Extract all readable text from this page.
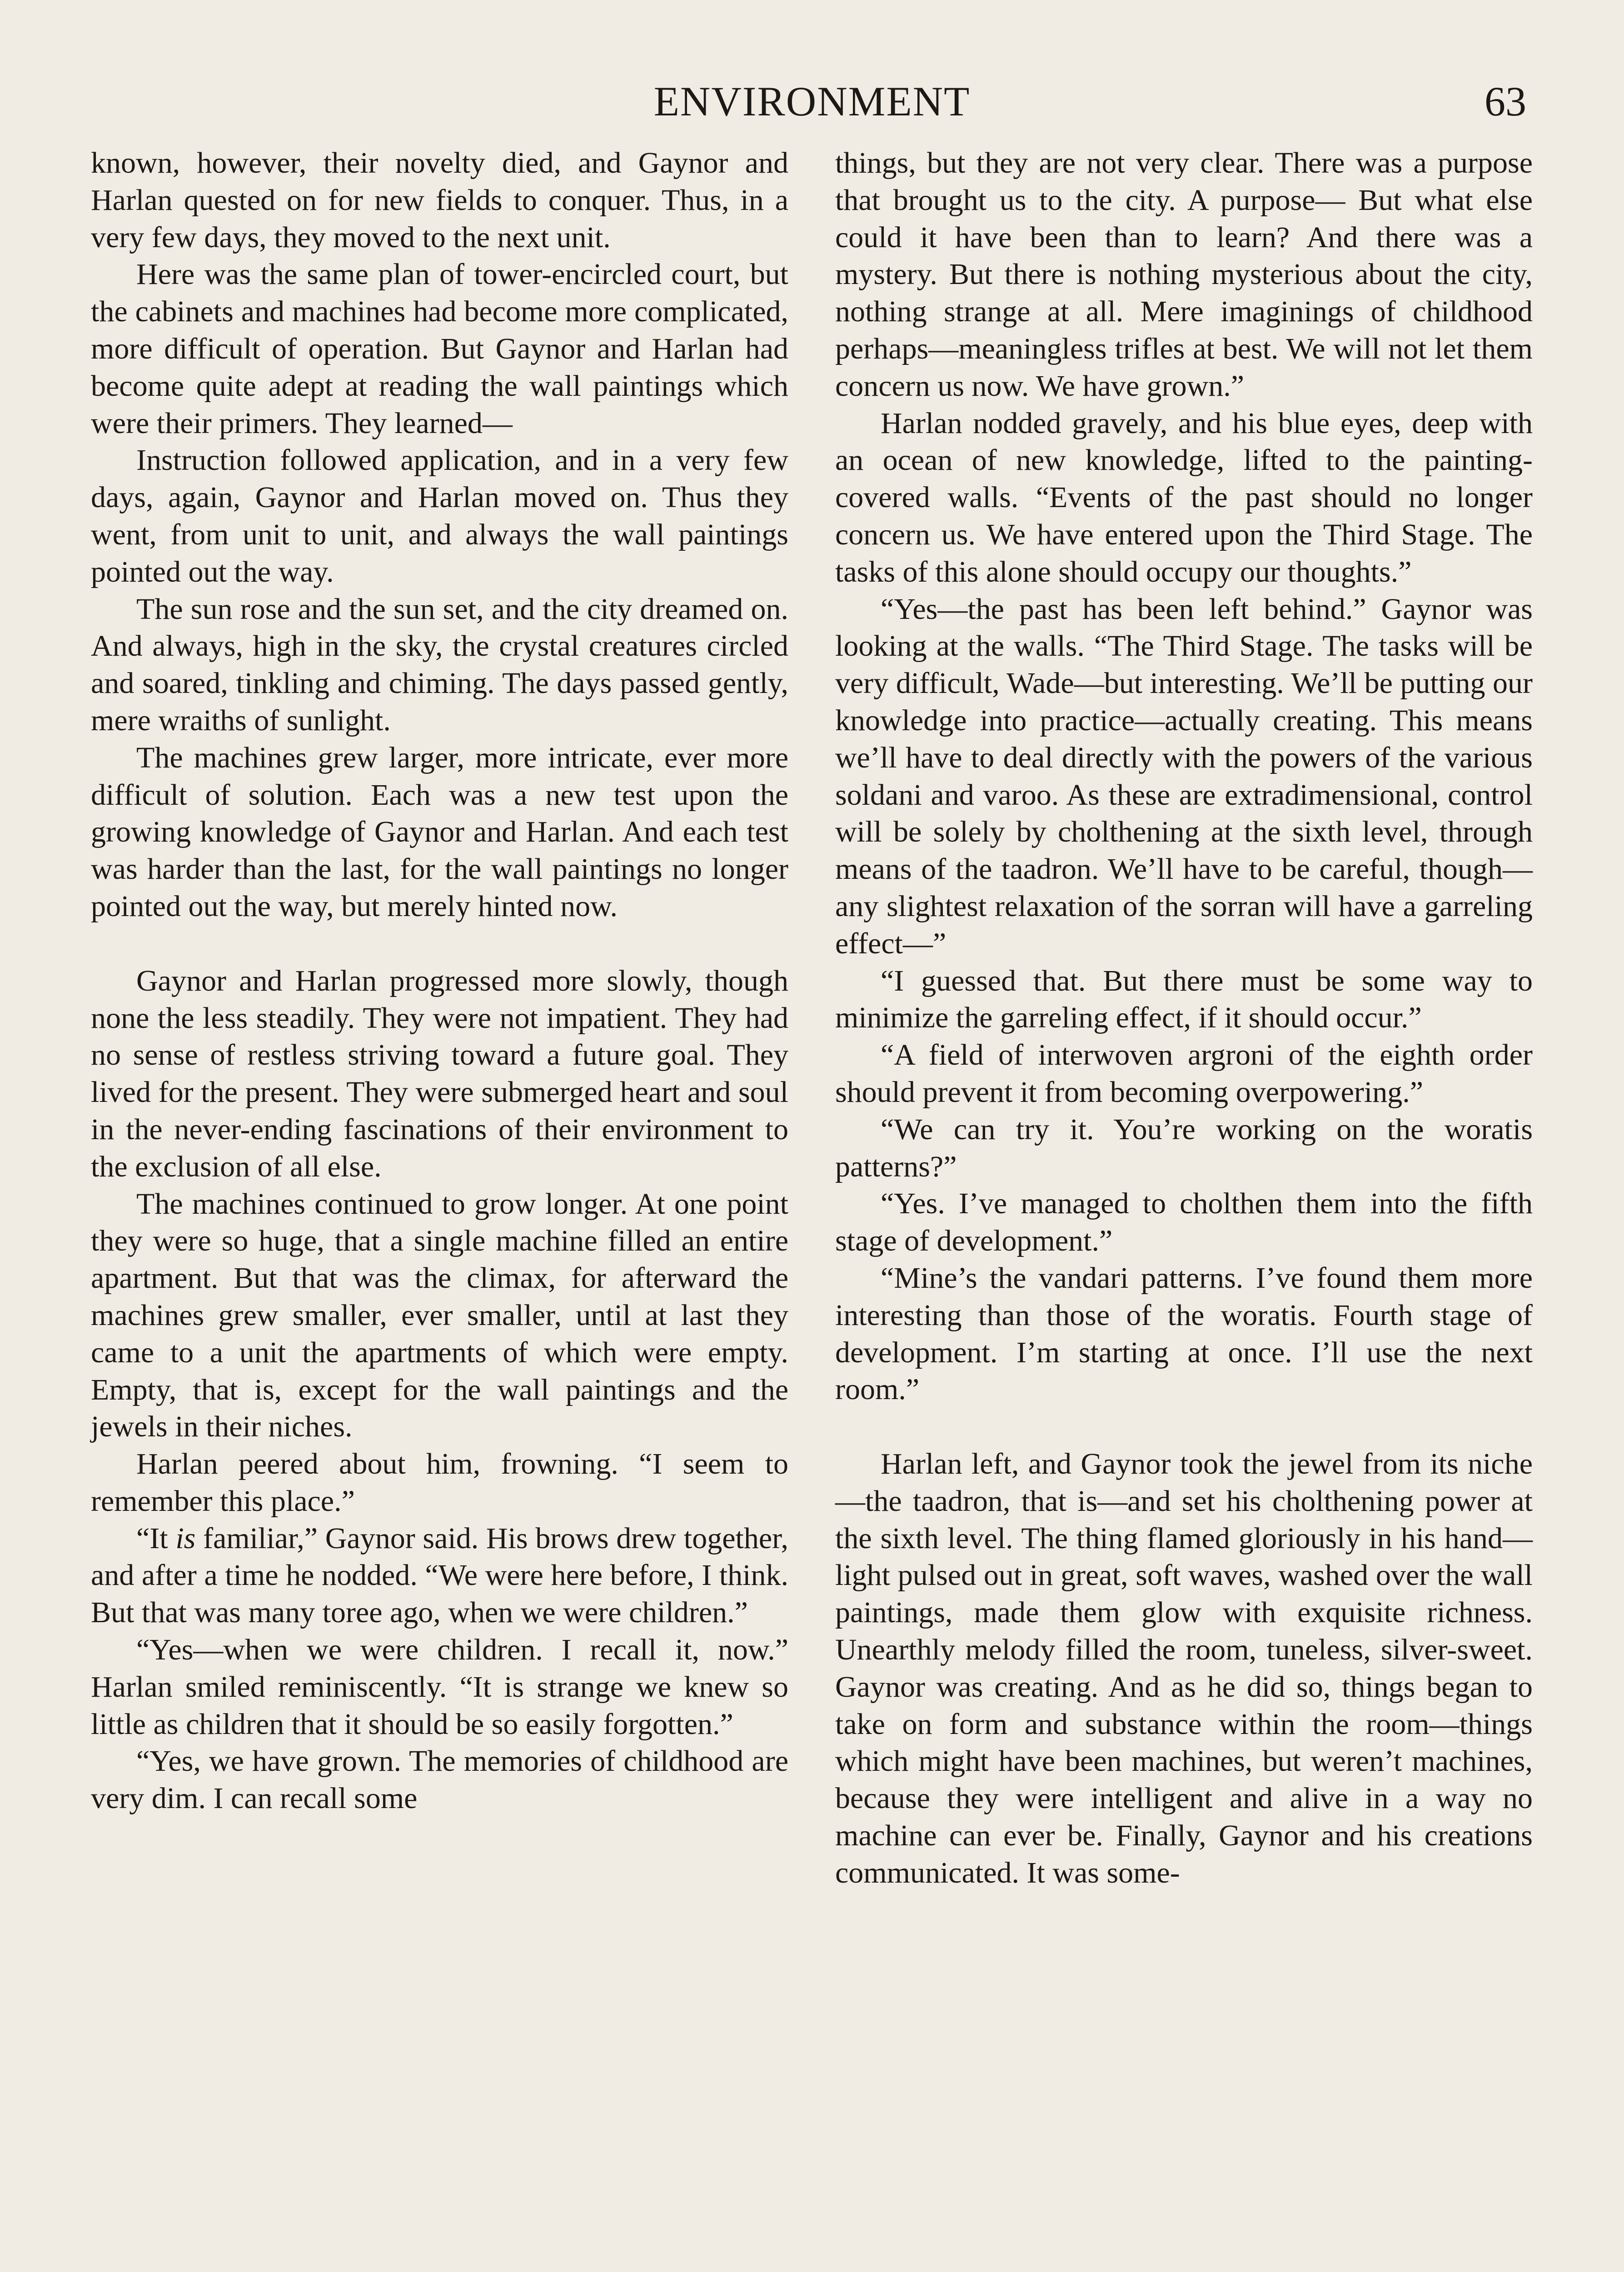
ENVIRONMENT	63

known, however, their novelty died, and Gaynor and Harlan quested on for new fields to conquer. Thus, in a very few days, they moved to the next unit.

Here was the same plan of tower-encircled court, but the cabinets and machines had become more complicated, more difficult of operation. But Gaynor and Harlan had become quite adept at reading the wall paintings which were their primers. They learned—

Instruction followed application, and in a very few days, again, Gaynor and Harlan moved on. Thus they went, from unit to unit, and always the wall paintings pointed out the way.

The sun rose and the sun set, and the city dreamed on. And always, high in the sky, the crystal creatures circled and soared, tinkling and chiming. The days passed gently, mere wraiths of sunlight.

The machines grew larger, more intricate, ever more difficult of solution. Each was a new test upon the growing knowledge of Gaynor and Harlan. And each test was harder than the last, for the wall paintings no longer pointed out the way, but merely hinted now.

Gaynor and Harlan progressed more slowly, though none the less steadily. They were not impatient. They had no sense of restless striving toward a future goal. They lived for the present. They were submerged heart and soul in the never-ending fascinations of their environment to the exclusion of all else.

The machines continued to grow longer. At one point they were so huge, that a single machine filled an entire apartment. But that was the climax, for afterward the machines grew smaller, ever smaller, until at last they came to a unit the apartments of which were empty. Empty, that is, except for the wall paintings and the jewels in their niches.

Harlan peered about him, frowning. “I seem to remember this place.”

“It is familiar,” Gaynor said. His brows drew together, and after a time he nodded. “We were here before, I think. But that was many toree ago, when we were children.”

“Yes—when we were children. I recall it, now.” Harlan smiled reminiscently. “It is strange we knew so little as children that it should be so easily forgotten.”

“Yes, we have grown. The memories of childhood are very dim. I can recall some

things, but they are not very clear. There was a purpose that brought us to the city. A purpose— But what else could it have been than to learn? And there was a mystery. But there is nothing mysterious about the city, nothing strange at all. Mere imaginings of childhood perhaps—meaningless trifles at best. We will not let them concern us now. We have grown.”

Harlan nodded gravely, and his blue eyes, deep with an ocean of new knowledge, lifted to the painting-covered walls. “Events of the past should no longer concern us. We have entered upon the Third Stage. The tasks of this alone should occupy our thoughts.”

“Yes—the past has been left behind.” Gaynor was looking at the walls. “The Third Stage. The tasks will be very difficult, Wade—but interesting. We’ll be putting our knowledge into practice—actually creating. This means we’ll have to deal directly with the powers of the various soldani and varoo. As these are extradimensional, control will be solely by cholthening at the sixth level, through means of the taadron. We’ll have to be careful, though—any slightest relaxation of the sorran will have a garreling effect—”

“I guessed that. But there must be some way to minimize the garreling effect, if it should occur.”

“A field of interwoven argroni of the eighth order should prevent it from becoming overpowering.”

“We can try it. You’re working on the woratis patterns?”

“Yes. I’ve managed to cholthen them into the fifth stage of development.”

“Mine’s the vandari patterns. I’ve found them more interesting than those of the woratis. Fourth stage of development. I’m starting at once. I’ll use the next room.”

Harlan left, and Gaynor took the jewel from its niche—the taadron, that is—and set his cholthening power at the sixth level. The thing flamed gloriously in his hand—light pulsed out in great, soft waves, washed over the wall paintings, made them glow with exquisite richness. Unearthly melody filled the room, tuneless, silver-sweet. Gaynor was creating. And as he did so, things began to take on form and substance within the room—things which might have been machines, but weren’t machines, because they were intelligent and alive in a way no machine can ever be. Finally, Gaynor and his creations communicated. It was some-
